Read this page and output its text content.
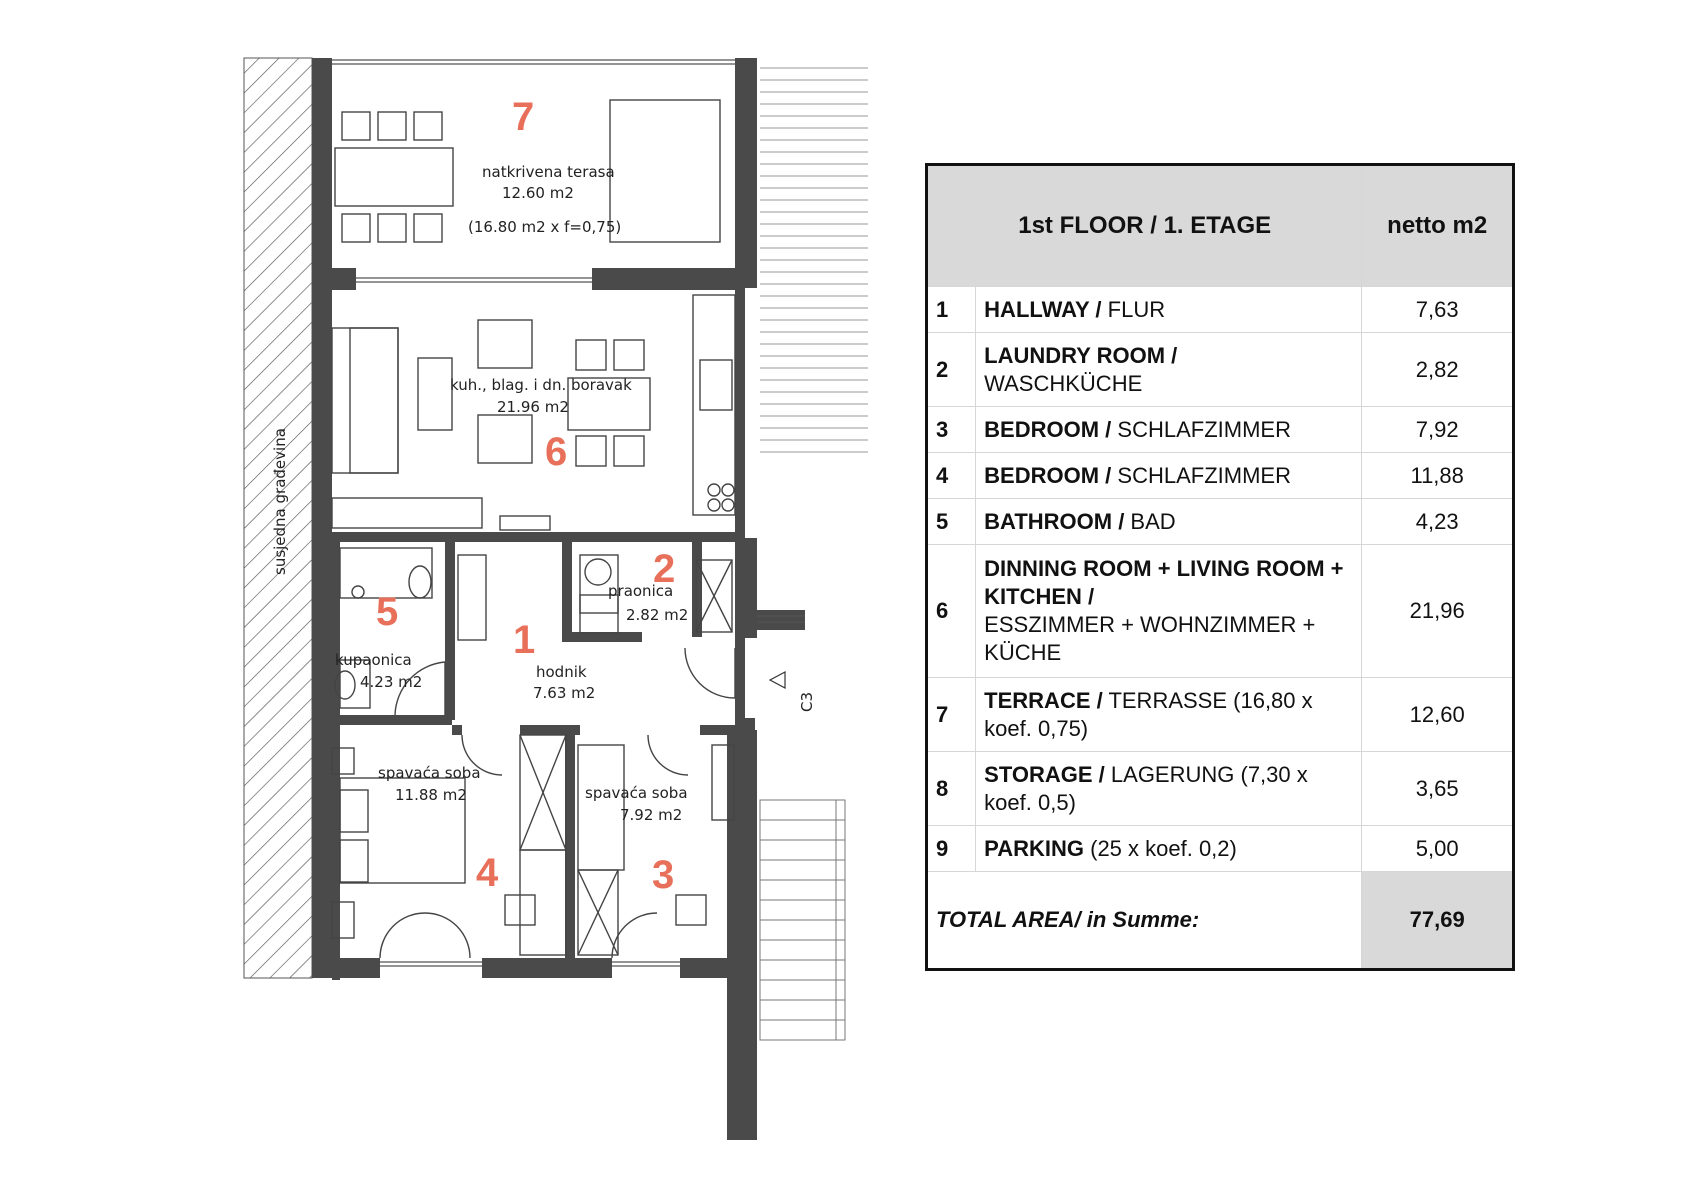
susjedna građevina
C3
7
natkrivena terasa
12.60 m2
(16.80 m2 x f=0,75)
kuh., blag. i dn. boravak
21.96 m2
6
2
praonica
2.82 m2
5
kupaonica
4.23 m2
1
hodnik
7.63 m2
spavaća soba
11.88 m2
4
spavaća soba
7.92 m2
3
1st FLOOR / 1. ETAGE		netto m2
1	HALLWAY / FLUR	7,63
2	LAUNDRY ROOM /
WASCHKÜCHE	2,82
3	BEDROOM / SCHLAFZIMMER	7,92
4	BEDROOM / SCHLAFZIMMER	11,88
5	BATHROOM / BAD	4,23
6	DINNING ROOM + LIVING ROOM + KITCHEN /
ESSZIMMER + WOHNZIMMER + KÜCHE	21,96
7	TERRACE / TERRASSE (16,80 x koef. 0,75)	12,60
8	STORAGE / LAGERUNG (7,30 x koef. 0,5)	3,65
9	PARKING (25 x koef. 0,2)	5,00
TOTAL AREA/ in Summe:		77,69
